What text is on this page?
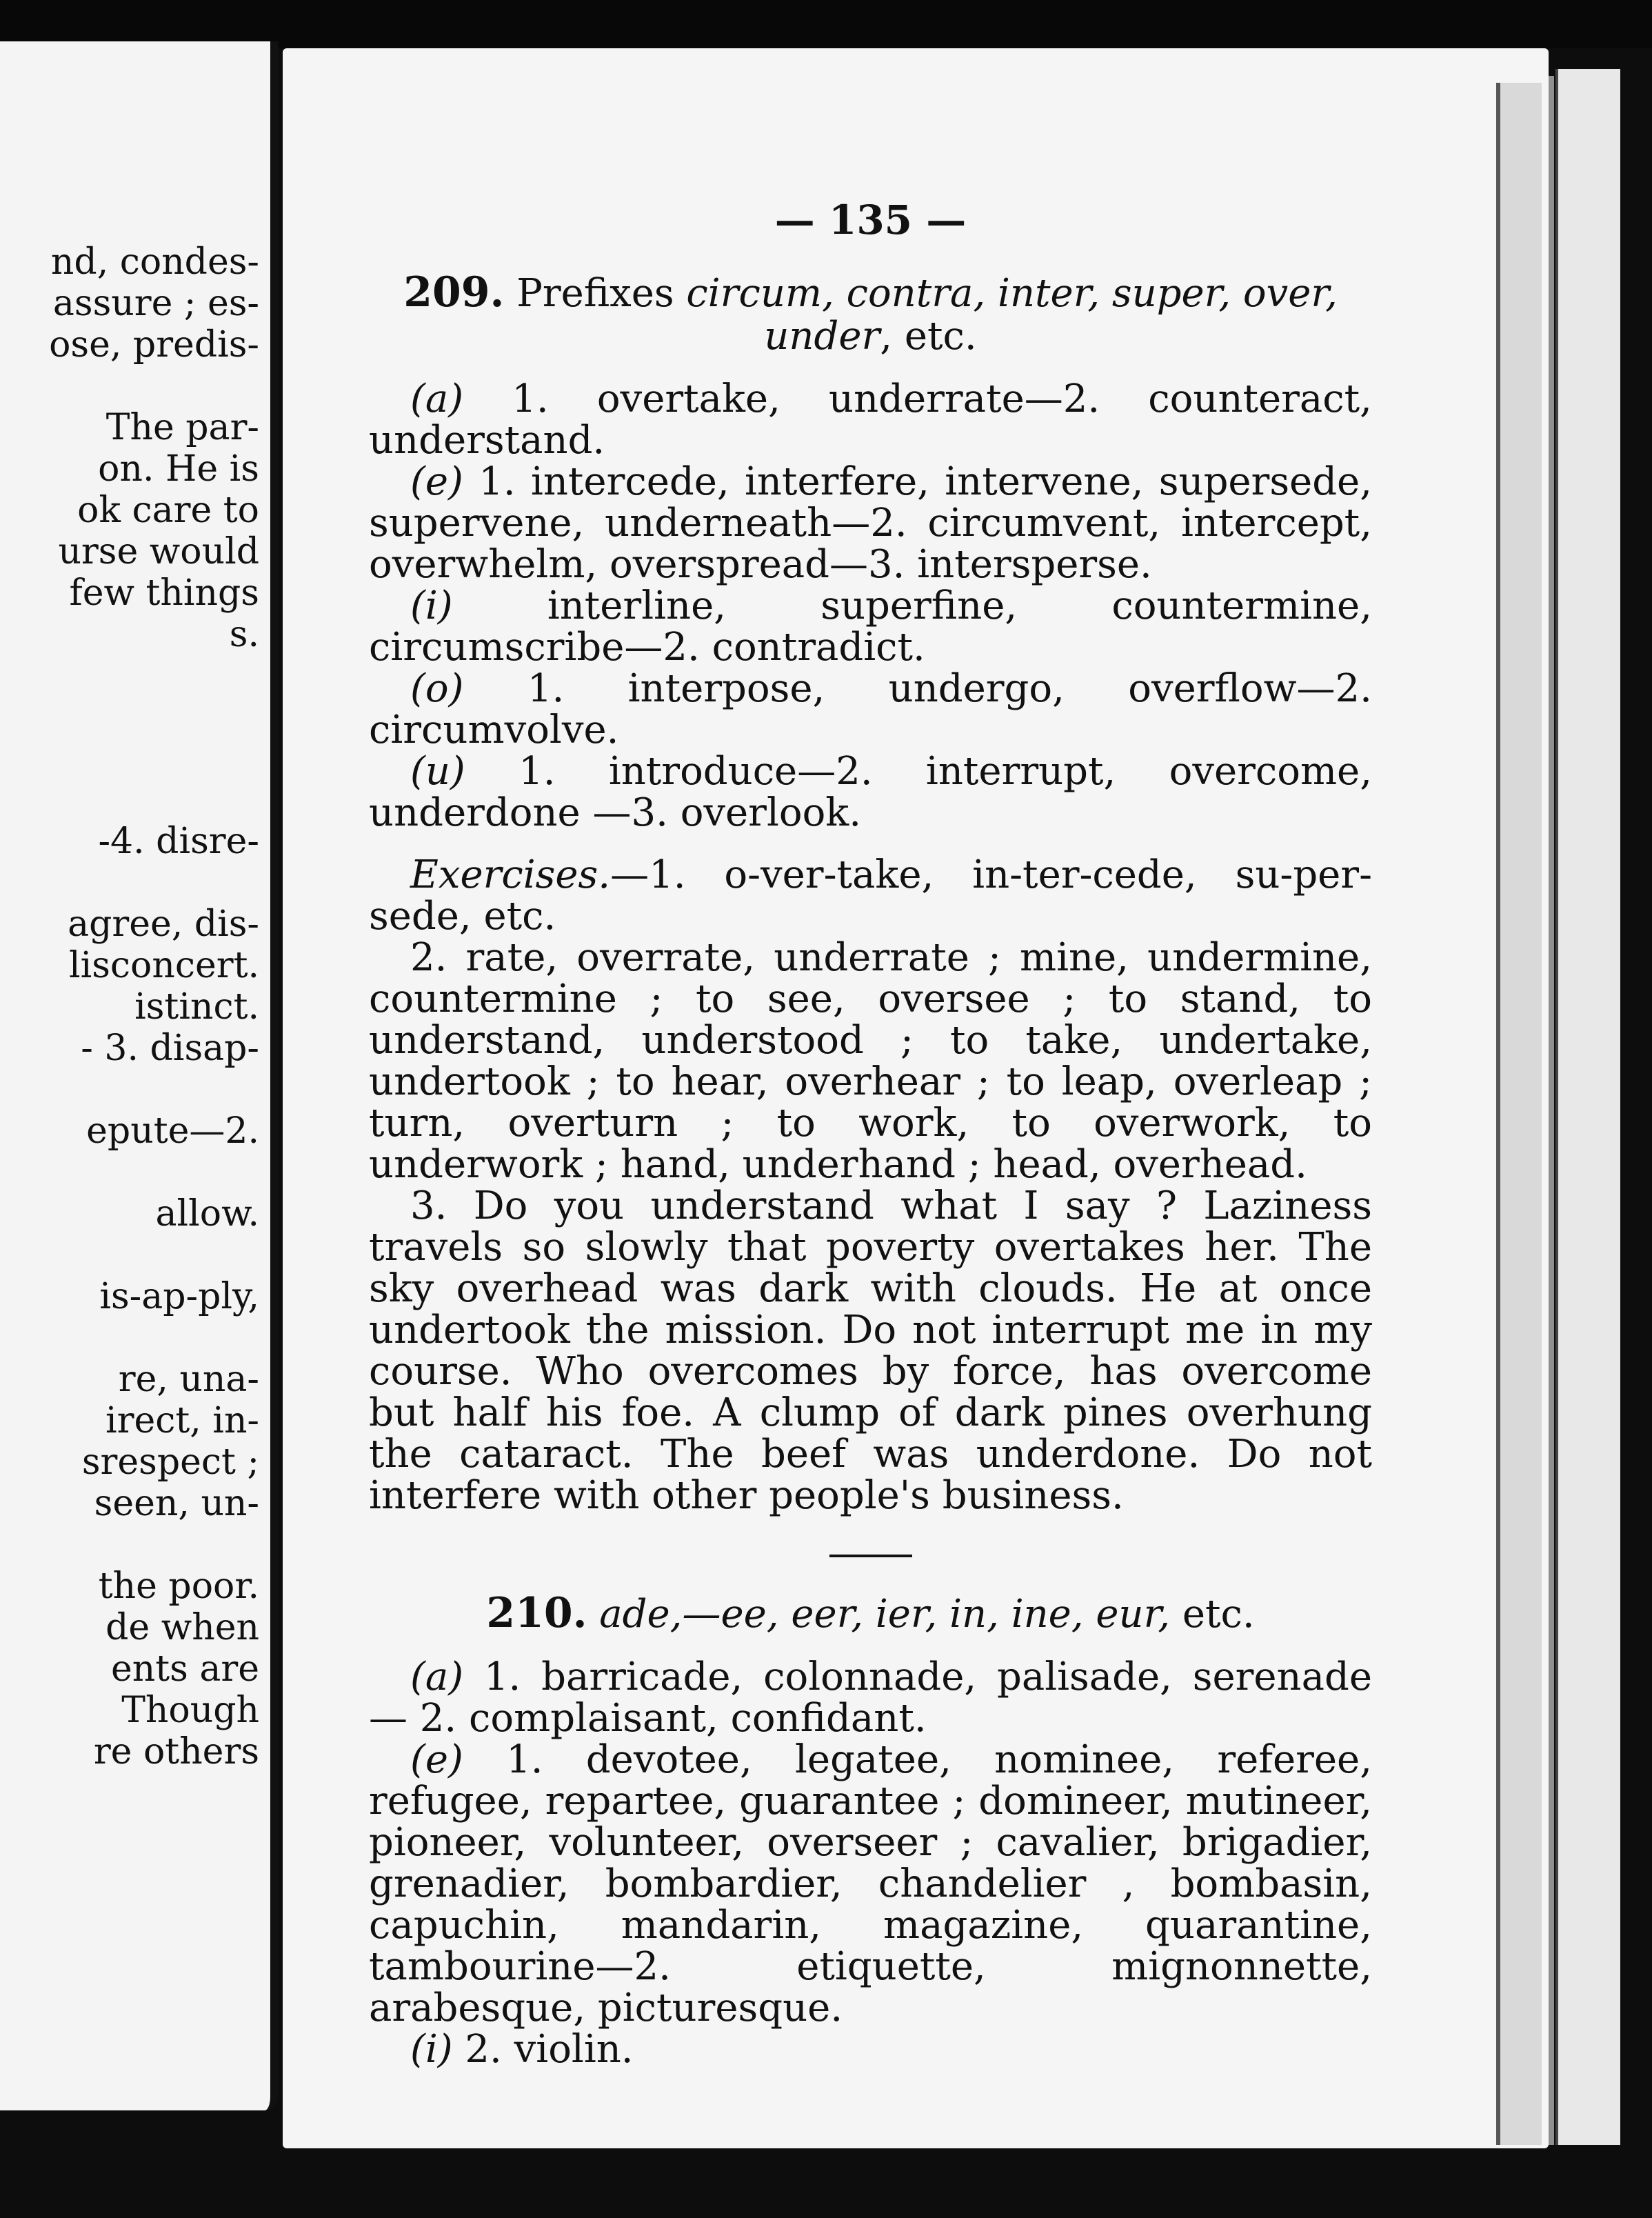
nd, condes-
assure ; es-
ose, predis-
The par-
on. He is
ok care to
urse would
few things
s.
-4. disre-
agree, dis-
lisconcert.
istinct.
- 3. disap-
epute—2.
allow.
is-ap-ply,
re, una-
irect, in-
srespect ;
seen, un-
the poor.
de when
ents are
Though
re others
— 135 —
209. Prefixes circum, contra, inter, super, over,
under, etc.

(a) 1. overtake, underrate—2. counteract, understand.

(e) 1. intercede, interfere, intervene, supersede, supervene, underneath—2. circumvent, intercept, overwhelm, overspread—3. intersperse.

(i) interline, superfine, countermine, circumscribe—2. contradict.

(o) 1. interpose, undergo, overflow—2. circumvolve.

(u) 1. introduce—2. interrupt, overcome, underdone —3. overlook.

Exercises.—1. o-ver-take, in-ter-cede, su-per-sede, etc.

2. rate, overrate, underrate ; mine, undermine, countermine ; to see, oversee ; to stand, to understand, understood ; to take, undertake, undertook ; to hear, overhear ; to leap, overleap ; turn, overturn ; to work, to overwork, to underwork ; hand, underhand ; head, overhead.

3. Do you understand what I say ? Laziness travels so slowly that poverty overtakes her. The sky overhead was dark with clouds. He at once undertook the mission. Do not interrupt me in my course. Who overcomes by force, has overcome but half his foe. A clump of dark pines overhung the cataract. The beef was underdone. Do not interfere with other people's business.

210. ade,—ee, eer, ier, in, ine, eur, etc.

(a) 1. barricade, colonnade, palisade, serenade — 2. complaisant, confidant.

(e) 1. devotee, legatee, nominee, referee, refugee, repartee, guarantee ; domineer, mutineer, pioneer, volunteer, overseer ; cavalier, brigadier, grenadier, bombardier, chandelier , bombasin, capuchin, mandarin, magazine, quarantine, tambourine—2. etiquette, mignonnette, arabesque, picturesque.

(i) 2. violin.
